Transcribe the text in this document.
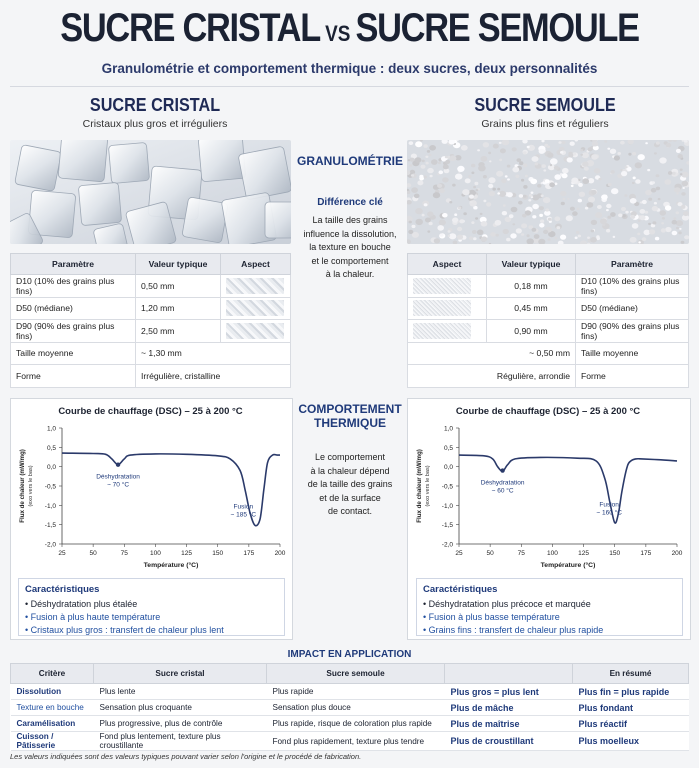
SUCRE CRISTAL VS SUCRE SEMOULE
Granulométrie et comportement thermique : deux sucres, deux personnalités
SUCRE CRISTAL
Cristaux plus gros et irréguliers
SUCRE SEMOULE
Grains plus fins et réguliers
Paramètre	Valeur typique	Aspect
D10 (10% des grains plus fins)	0,50 mm	

D50 (médiane)	1,20 mm	

D90 (90% des grains plus fins)	2,50 mm	

Taille moyenne	~ 1,30 mm	
Forme	Irrégulière, cristalline	
Aspect	Valeur typique	Paramètre

	0,18 mm	D10 (10% des grains plus fins)

	0,45 mm	D50 (médiane)

	0,90 mm	D90 (90% des grains plus fins)
~ 0,50 mm		Taille moyenne
Régulière, arrondie		Forme
GRANULOMÉTRIE
Différence clé
La taille des grains
influence la dissolution,
la texture en bouche
et le comportement
à la chaleur.
COMPORTEMENT
THERMIQUE
Le comportement
à la chaleur dépend
de la taille des grains
et de la surface
de contact.
Courbe de chauffage (DSC) – 25 à 200 °C
1,0
0,5
0,0
-0,5
-1,0
-1,5
-2,0
25	50	75	100	125	150	175	200
Température (°C)
Flux de chaleur (mW/mg) (exo vers le bas)	Déshydratation
~ 70 °C
Fusion
~ 185 °C
Caractéristiques
• Déshydratation plus étalée
• Fusion à plus haute température
• Cristaux plus gros : transfert de chaleur plus lent
Courbe de chauffage (DSC) – 25 à 200 °C
1,0
0,5
0,0
-0,5
-1,0
-1,5
-2,0
25	50	75	100	125	150	175	200
Température (°C)
Flux de chaleur (mW/mg) (exo vers le bas)	Déshydratation
~ 60 °C
Fusion
~ 160 °C
Caractéristiques
• Déshydratation plus précoce et marquée
• Fusion à plus basse température
• Grains fins : transfert de chaleur plus rapide
IMPACT EN APPLICATION
Critère	Sucre cristal	Sucre semoule		En résumé
Dissolution	Plus lente	Plus rapide	Plus gros = plus lent	Plus fin = plus rapide
Texture en bouche	Sensation plus croquante	Sensation plus douce	Plus de mâche	Plus fondant
Caramélisation	Plus progressive, plus de contrôle	Plus rapide, risque de coloration plus rapide	Plus de maîtrise	Plus réactif
Cuisson / Pâtisserie	Fond plus lentement, texture plus croustillante	Fond plus rapidement, texture plus tendre	Plus de croustillant	Plus moelleux
Les valeurs indiquées sont des valeurs typiques pouvant varier selon l'origine et le procédé de fabrication.
